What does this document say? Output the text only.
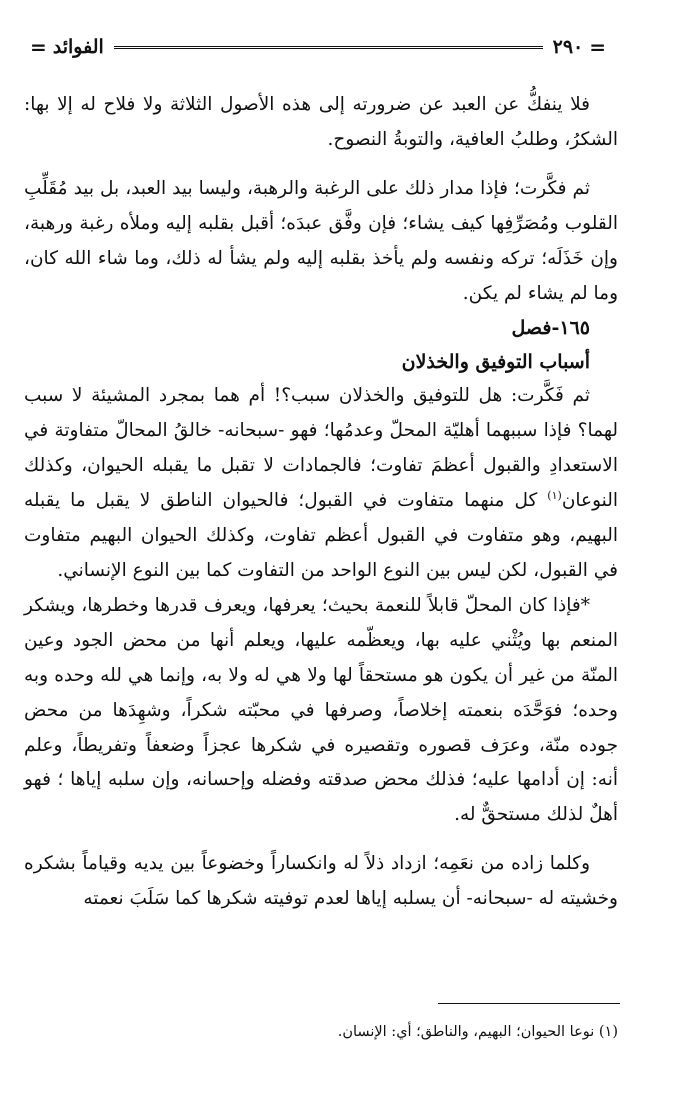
=
٢٩٠
الفوائد
=

فلا ينفكُّ عن العبد عن ضرورته إلى هذه الأصول الثلاثة ولا فلاح له إلا بها: الشكرُ، وطلبُ العافية، والتوبةُ النصوح.

ثم فكَّرت؛ فإذا مدار ذلك على الرغبة والرهبة، وليسا بيد العبد، بل بيد مُقَلِّبِ القلوب ومُصَرِّفِها كيف يشاء؛ فإن وفَّق عبدَه؛ أقبل بقلبه إليه وملأه رغبة ورهبة، وإن خَذَلَه؛ تركه ونفسه ولم يأخذ بقلبه إليه ولم يشأ له ذلك، وما شاء الله كان، وما لم يشاء لم يكن.

١٦٥-فصل

أسباب التوفيق والخذلان

ثم فَكَّرت: هل للتوفيق والخذلان سبب؟! أم هما بمجرد المشيئة لا سبب لهما؟ فإذا سببهما أهليّة المحلّ وعدمُها؛ فهو -سبحانه- خالقُ المحالّ متفاوتة في الاستعدادِ والقبول أعظمَ تفاوت؛ فالجمادات لا تقبل ما يقبله الحيوان، وكذلك النوعان$^{(١)}$ كل منهما متفاوت في القبول؛ فالحيوان الناطق لا يقبل ما يقبله البهيم، وهو متفاوت في القبول أعظم تفاوت، وكذلك الحيوان البهيم متفاوت في القبول، لكن ليس بين النوع الواحد من التفاوت كما بين النوع الإنساني.

*فإذا كان المحلّ قابلاً للنعمة بحيث؛ يعرفها، ويعرف قدرها وخطرها، ويشكر المنعم بها ويُثْني عليه بها، ويعظّمه عليها، ويعلم أنها من محض الجود وعين المنّة من غير أن يكون هو مستحقاً لها ولا هي له ولا به، وإنما هي لله وحده وبه وحده؛ فوَحَّدَه بنعمته إخلاصاً، وصرفها في محبّته شكراً، وشهِدَها من محض جوده منّة، وعرَف قصوره وتقصيره في شكرها عجزاً وضعفاً وتفريطاً، وعلم أنه: إن أدامها عليه؛ فذلك محض صدقته وفضله وإحسانه، وإن سلبه إياها ؛ فهو أهلٌ لذلك مستحقٌّ له.

وكلما زاده من نعَمِه؛ ازداد ذلاً له وانكساراً وخضوعاً بين يديه وقياماً بشكره وخشيته له -سبحانه- أن يسلبه إياها لعدم توفيته شكرها كما سَلَبَ نعمته

(١) نوعا الحيوان؛ البهيم، والناطق؛ أي: الإنسان.
